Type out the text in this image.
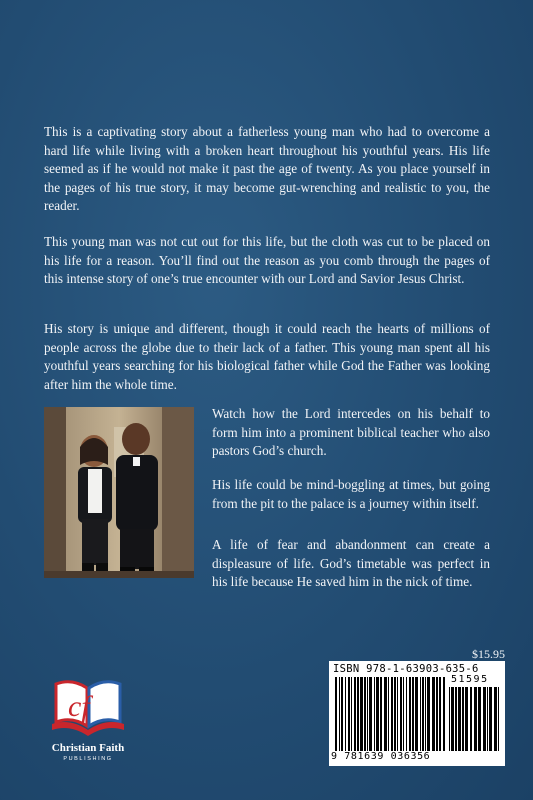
This is a captivating story about a fatherless young man who had to overcome a hard life while living with a broken heart throughout his youthful years. His life seemed as if he would not make it past the age of twenty. As you place yourself in the pages of his true story, it may become gut-wrenching and realistic to you, the reader.

This young man was not cut out for this life, but the cloth was cut to be placed on his life for a reason. You’ll find out the reason as you comb through the pages of this intense story of one’s true encounter with our Lord and Savior Jesus Christ.

His story is unique and different, though it could reach the hearts of millions of people across the globe due to their lack of a father. This young man spent all his youthful years searching for his biological father while God the Father was looking after him the whole time.

Watch how the Lord intercedes on his behalf to form him into a prominent biblical teacher who also pastors God’s church.

His life could be mind-boggling at times, but going from the pit to the palace is a journey within itself.

A life of fear and abandonment can create a displeasure of life. God’s timetable was perfect in his life because He saved him in the nick of time.

$15.95
ISBN 978-1-63903-635-6
51595
9 781639 036356
cf
Christian Faith
PUBLISHING
